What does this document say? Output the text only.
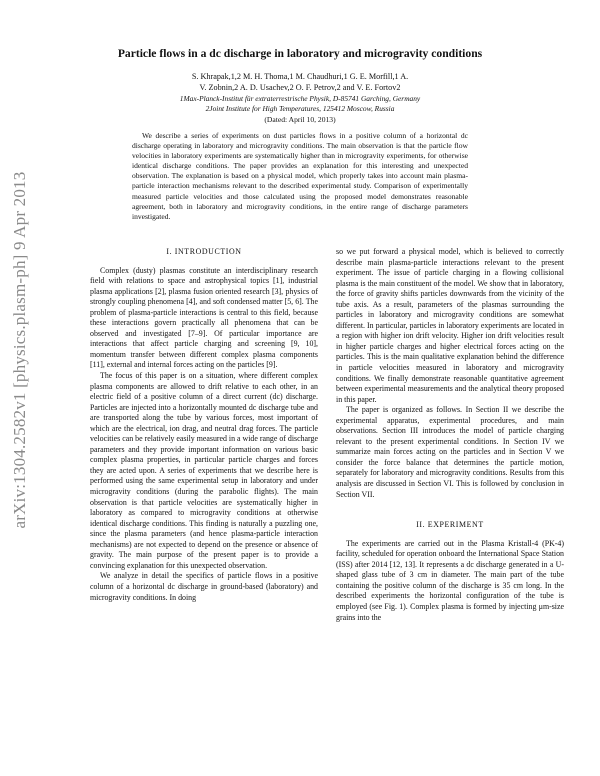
arXiv:1304.2582v1 [physics.plasm-ph] 9 Apr 2013
Particle flows in a dc discharge in laboratory and microgravity conditions
S. Khrapak,1,2 M. H. Thoma,1 M. Chaudhuri,1 G. E. Morfill,1 A.
V. Zobnin,2 A. D. Usachev,2 O. F. Petrov,2 and V. E. Fortov2
1Max-Planck-Institut für extraterrestrische Physik, D-85741 Garching, Germany
2Joint Institute for High Temperatures, 125412 Moscow, Russia
(Dated: April 10, 2013)
We describe a series of experiments on dust particles flows in a positive column of a horizontal dc discharge operating in laboratory and microgravity conditions. The main observation is that the particle flow velocities in laboratory experiments are systematically higher than in microgravity experiments, for otherwise identical discharge conditions. The paper provides an explanation for this interesting and unexpected observation. The explanation is based on a physical model, which properly takes into account main plasma-particle interaction mechanisms relevant to the described experimental study. Comparison of experimentally measured particle velocities and those calculated using the proposed model demonstrates reasonable agreement, both in laboratory and microgravity conditions, in the entire range of discharge parameters investigated.

I. INTRODUCTION

Complex (dusty) plasmas constitute an interdisciplinary research field with relations to space and astrophysical topics [1], industrial plasma applications [2], plasma fusion oriented research [3], physics of strongly coupling phenomena [4], and soft condensed matter [5, 6]. The problem of plasma-particle interactions is central to this field, because these interactions govern practically all phenomena that can be observed and investigated [7–9]. Of particular importance are interactions that affect particle charging and screening [9, 10], momentum transfer between different complex plasma components [11], external and internal forces acting on the particles [9].

The focus of this paper is on a situation, where different complex plasma components are allowed to drift relative to each other, in an electric field of a positive column of a direct current (dc) discharge. Particles are injected into a horizontally mounted dc discharge tube and are transported along the tube by various forces, most important of which are the electrical, ion drag, and neutral drag forces. The particle velocities can be relatively easily measured in a wide range of discharge parameters and they provide important information on various basic complex plasma properties, in particular particle charges and forces they are acted upon. A series of experiments that we describe here is performed using the same experimental setup in laboratory and under microgravity conditions (during the parabolic flights). The main observation is that particle velocities are systematically higher in laboratory as compared to microgravity conditions at otherwise identical discharge conditions. This finding is naturally a puzzling one, since the plasma parameters (and hence plasma-particle interaction mechanisms) are not expected to depend on the presence or absence of gravity. The main purpose of the present paper is to provide a convincing explanation for this unexpected observation.

We analyze in detail the specifics of particle flows in a positive column of a horizontal dc discharge in ground-based (laboratory) and microgravity conditions. In doing

so we put forward a physical model, which is believed to correctly describe main plasma-particle interactions relevant to the present experiment. The issue of particle charging in a flowing collisional plasma is the main constituent of the model. We show that in laboratory, the force of gravity shifts particles downwards from the vicinity of the tube axis. As a result, parameters of the plasmas surrounding the particles in laboratory and microgravity conditions are somewhat different. In particular, particles in laboratory experiments are located in a region with higher ion drift velocity. Higher ion drift velocities result in higher particle charges and higher electrical forces acting on the particles. This is the main qualitative explanation behind the difference in particle velocities measured in laboratory and microgravity conditions. We finally demonstrate reasonable quantitative agreement between experimental measurements and the analytical theory proposed in this paper.

The paper is organized as follows. In Section II we describe the experimental apparatus, experimental procedures, and main observations. Section III introduces the model of particle charging relevant to the present experimental conditions. In Section IV we summarize main forces acting on the particles and in Section V we consider the force balance that determines the particle motion, separately for laboratory and microgravity conditions. Results from this analysis are discussed in Section VI. This is followed by conclusion in Section VII.

II. EXPERIMENT

The experiments are carried out in the Plasma Kristall-4 (PK-4) facility, scheduled for operation onboard the International Space Station (ISS) after 2014 [12, 13]. It represents a dc discharge generated in a U-shaped glass tube of 3 cm in diameter. The main part of the tube containing the positive column of the discharge is 35 cm long. In the described experiments the horizontal configuration of the tube is employed (see Fig. 1). Complex plasma is formed by injecting μm-size grains into the
